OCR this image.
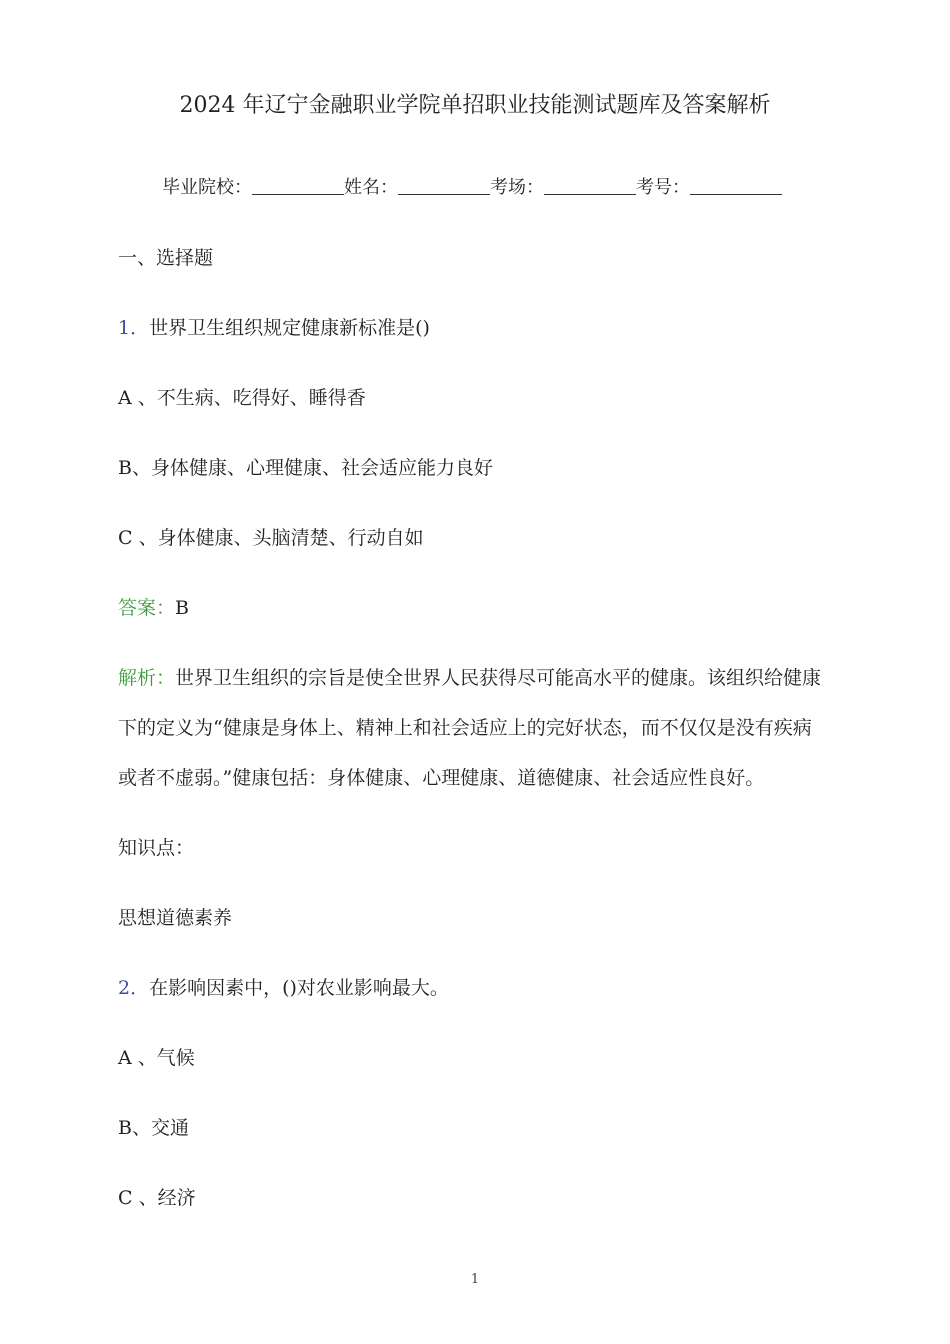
2024 年辽宁金融职业学院单招职业技能测试题库及答案解析
毕业院校：	姓名：	考场：	考号：
一、选择题
1．世界卫生组织规定健康新标准是()
A 、不生病、吃得好、睡得香
B、身体健康、心理健康、社会适应能力良好
C 、身体健康、头脑清楚、行动自如
答案：B
解析：世界卫生组织的宗旨是使全世界人民获得尽可能高水平的健康。该组织给健康
下的定义为“健康是身体上、精神上和社会适应上的完好状态，而不仅仅是没有疾病
或者不虚弱。”健康包括：身体健康、心理健康、道德健康、社会适应性良好。
知识点：
思想道德素养
2．在影响因素中，()对农业影响最大。
A 、气候
B、交通
C 、经济
1
